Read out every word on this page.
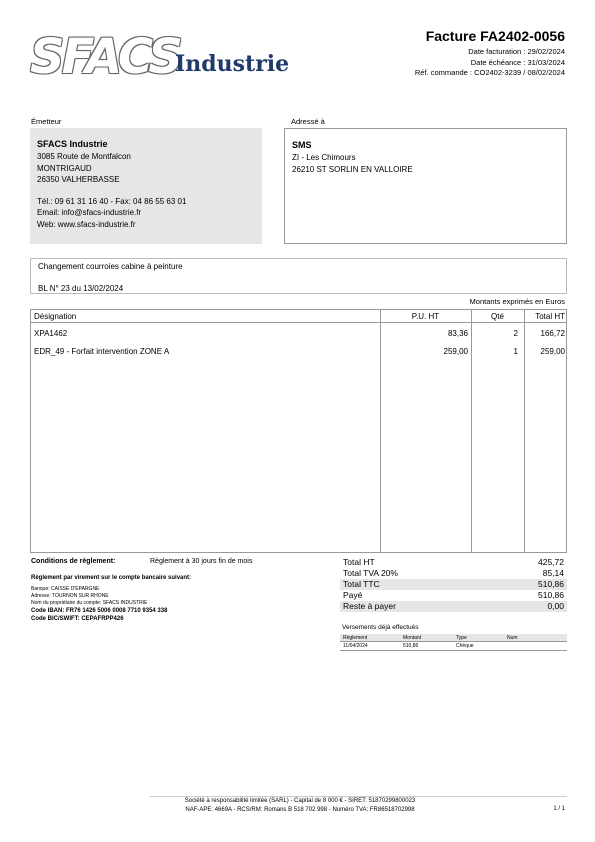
SFACS
Industrie
Facture FA2402-0056
Date facturation : 29/02/2024
Date échéance : 31/03/2024
Réf. commande : CO2402-3239 / 08/02/2024
Émetteur	Adressé à
SFACS Industrie
3085 Route de Montfalcon
MONTRIGAUD
26350 VALHERBASSE
Tél.: 09 61 31 16 40 - Fax: 04 86 55 63 01
Email: info@sfacs-industrie.fr
Web: www.sfacs-industrie.fr
SMS
ZI - Les Chimours
26210 ST SORLIN EN VALLOIRE
Changement courroies cabine à peinture
BL N° 23 du 13/02/2024
Montants exprimés en Euros
Désignation	P.U. HT	Qté	Total HT
XPA1462	83,36	2	166,72
EDR_49 - Forfait intervention ZONE A	259,00	1	259,00
Conditions de règlement:	Règlement à 30 jours fin de mois
Règlement par virement sur le compte bancaire suivant:
Banque: CAISSE D'EPARGNE
Adresse: TOURNON SUR RHONE
Nom du propriétaire du compte: SFACS INDUSTRIE
Code IBAN: FR76 1426 5006 0008 7710 9354 338
Code BIC/SWIFT: CEPAFRPP426
Total HT	425,72
Total TVA 20%	85,14
Total TTC	510,86
Payé	510,86
Reste à payer	0,00
Versements déjà effectués
Règlement	Montant	Type	Num
11/04/2024	510,86	Chèque
Société à responsabilité limitée (SARL) - Capital de 8 000 € - SIRET: 51870299800023
NAF-APE: 4669A - RCS/RM: Romans B 518 702 998 - Numéro TVA: FR86518702998	1 / 1
